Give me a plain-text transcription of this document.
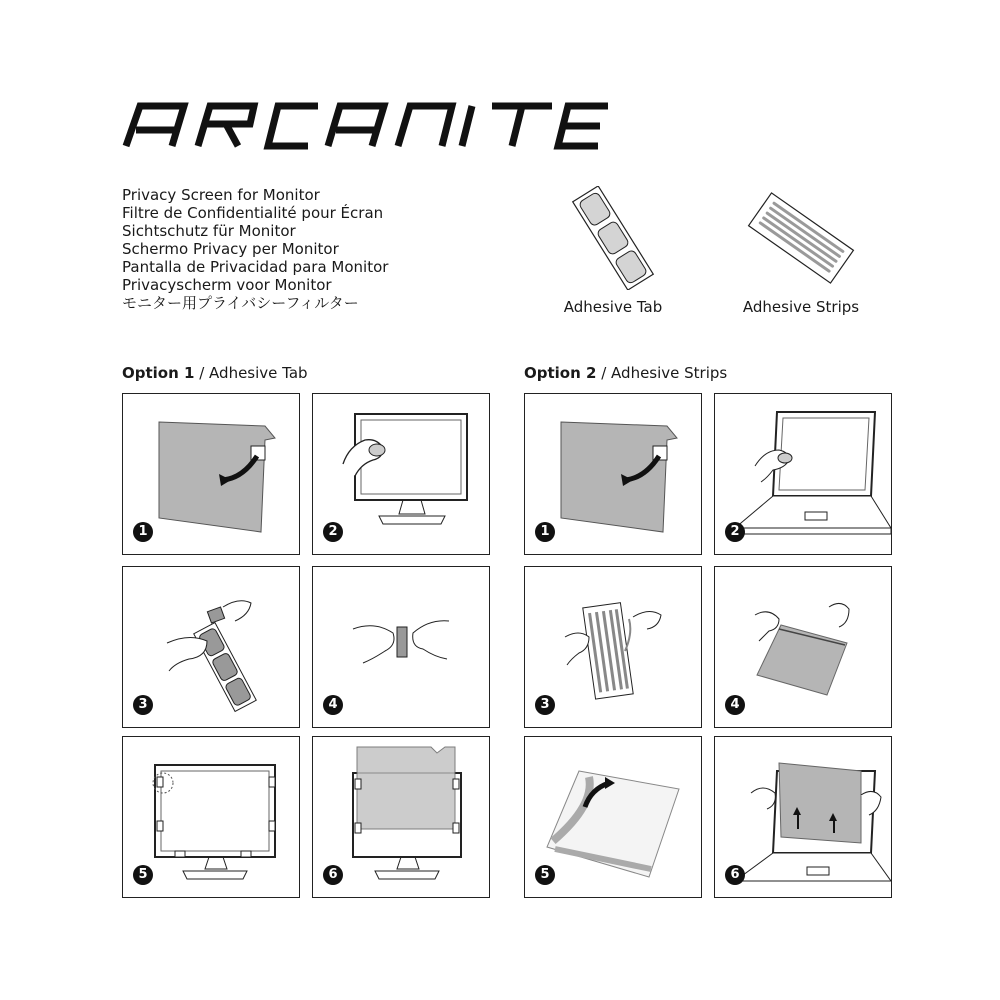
Privacy Screen for Monitor
Filtre de Confidentialité pour Écran
Sichtschutz für Monitor
Schermo Privacy per Monitor
Pantalla de Privacidad para Monitor
Privacyscherm voor Monitor
モニター用プライバシーフィルター	Adhesive Tab	Adhesive Strips
Option 1 / Adhesive Tab	Option 2 / Adhesive Strips
1	2
3	4
5	6
1	2
3	4
5	6
